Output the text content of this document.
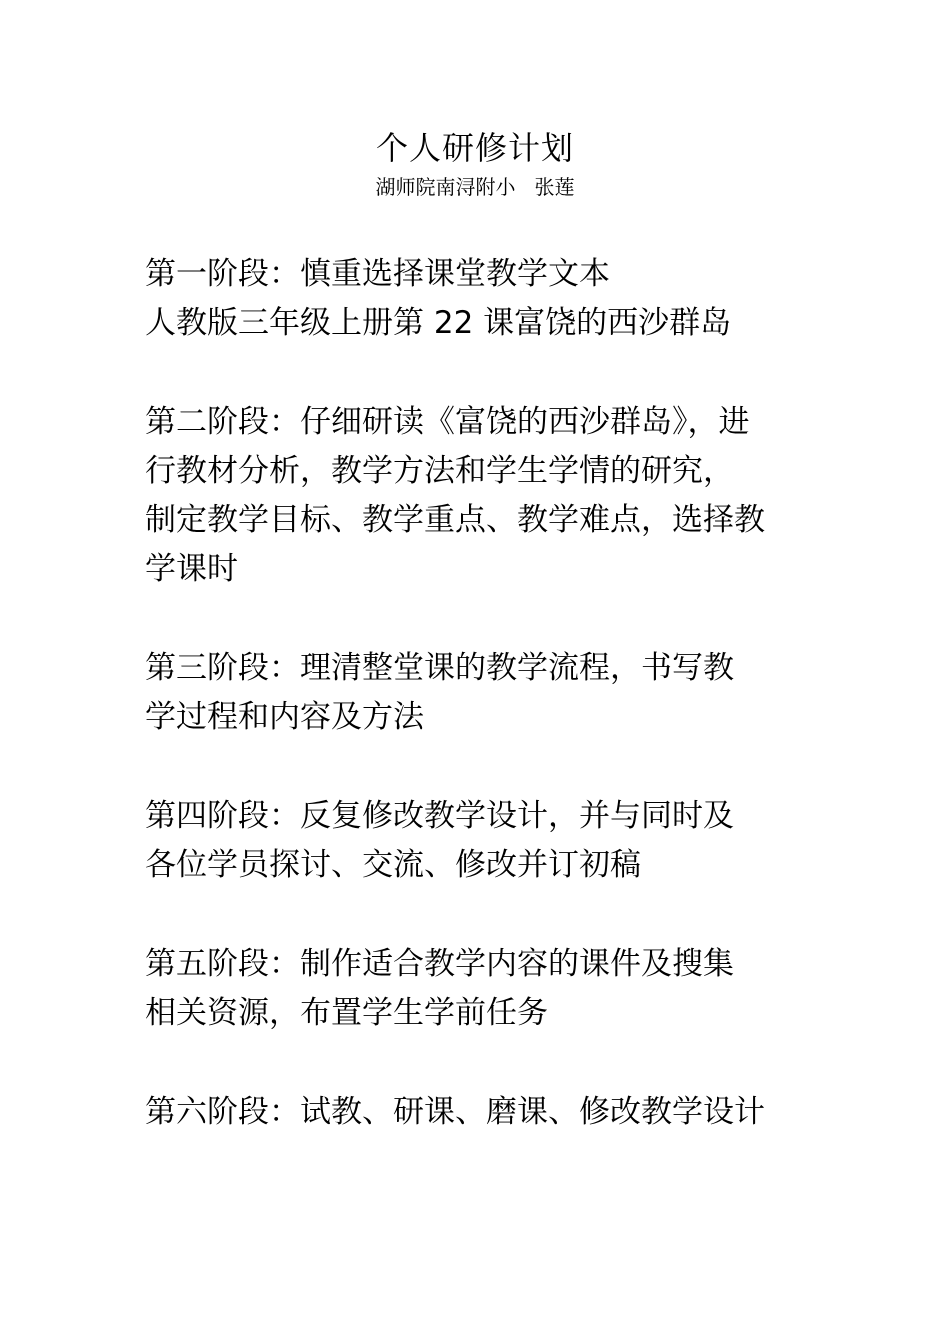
个人研修计划
湖师院南浔附小   张莲
第一阶段：慎重选择课堂教学文本
人教版三年级上册第 22 课富饶的西沙群岛
第二阶段：仔细研读《富饶的西沙群岛》，进
行教材分析，教学方法和学生学情的研究，
制定教学目标、教学重点、教学难点，选择教
学课时
第三阶段：理清整堂课的教学流程，书写教
学过程和内容及方法
第四阶段：反复修改教学设计，并与同时及
各位学员探讨、交流、修改并订初稿
第五阶段：制作适合教学内容的课件及搜集
相关资源，布置学生学前任务
第六阶段：试教、研课、磨课、修改教学设计
